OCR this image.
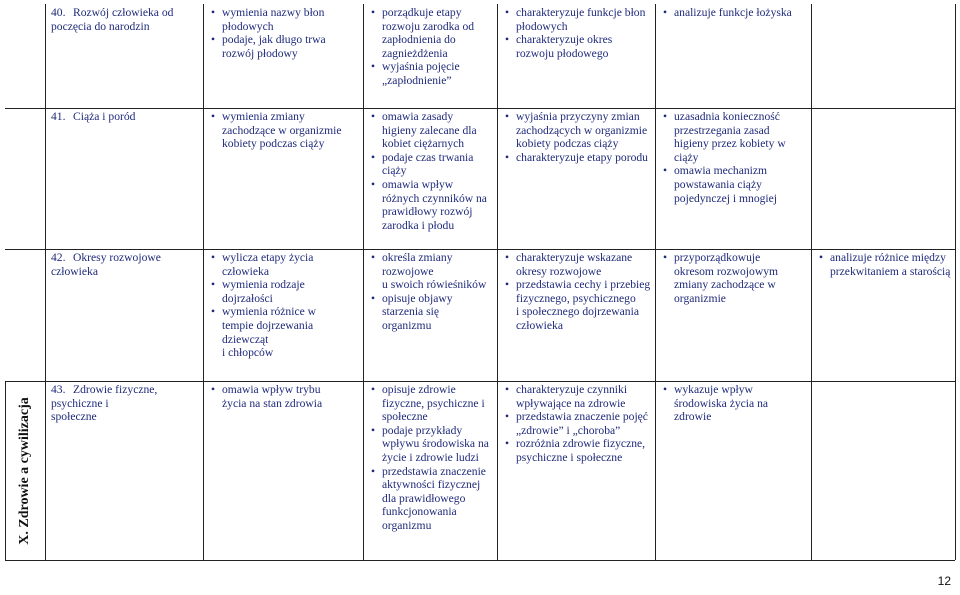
40. Rozwój człowieka od
poczęcia do narodzin
• wymienia nazwy błon
płodowych
• podaje, jak długo trwa
rozwój płodowy
• porządkuje etapy
rozwoju zarodka od
zapłodnienia do
zagnieżdżenia
• wyjaśnia pojęcie
„zapłodnienie”
• charakteryzuje funkcje błon
płodowych
• charakteryzuje okres
rozwoju płodowego
• analizuje funkcje łożyska
41. Ciąża i poród
•	wymienia zmiany
zachodzące w organizmie
kobiety podczas ciąży
• omawia zasady
higieny zalecane dla
kobiet ciężarnych
• podaje czas trwania
ciąży
• omawia wpływ
różnych czynników na
prawidłowy rozwój
zarodka i płodu
• wyjaśnia przyczyny zmian
zachodzących w organizmie
kobiety podczas ciąży
• charakteryzuje etapy porodu
• uzasadnia konieczność
przestrzegania zasad
higieny przez kobiety w
ciąży
• omawia mechanizm
powstawania ciąży
pojedynczej i mnogiej
42. Okresy rozwojowe
człowieka
• wylicza etapy życia
człowieka
• wymienia rodzaje
dojrzałości
• wymienia różnice w
tempie dojrzewania
dziewcząt
i chłopców
• określa zmiany
rozwojowe
u swoich rówieśników
• opisuje objawy
starzenia się
organizmu
• charakteryzuje wskazane
okresy rozwojowe
• przedstawia cechy i przebieg
fizycznego, psychicznego
i społecznego dojrzewania
człowieka
• przyporządkowuje
okresom rozwojowym
zmiany zachodzące w
organizmie
• analizuje różnice między
przekwitaniem a starością
43. Zdrowie fizyczne,
psychiczne i
społeczne
• omawia wpływ trybu
życia na stan zdrowia
• opisuje zdrowie
fizyczne, psychiczne i
społeczne
• podaje przykłady
wpływu środowiska na
życie i zdrowie ludzi
• przedstawia znaczenie
aktywności fizycznej
dla prawidłowego
funkcjonowania
organizmu
• charakteryzuje czynniki
wpływające na zdrowie
• przedstawia znaczenie pojęć
„zdrowie” i „choroba”
• rozróżnia zdrowie fizyczne,
psychiczne i społeczne
• wykazuje wpływ
środowiska życia na
zdrowie
X. Zdrowie a cywilizacja
12
